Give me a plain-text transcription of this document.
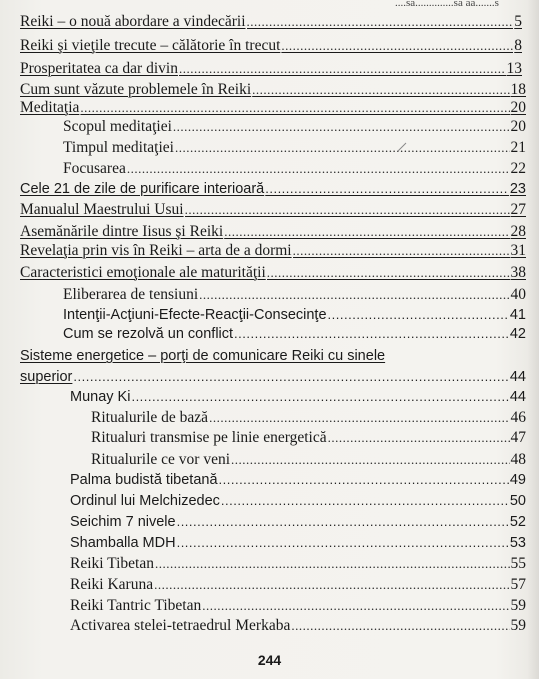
....sa..............sa aa.......s
Reiki – o nouă abordare a vindecării .....	5
Reiki şi vieţile trecute – călătorie în trecut .....	8
Prosperitatea ca dar divin .....	13
Cum sunt văzute problemele în Reiki .....	18
Meditaţia .....	20
Scopul meditaţiei .....	20
Timpul meditaţiei .....	21
Focusarea .....	22
Cele 21 de zile de purificare interioară .....	23
Manualul Maestrului Usui .....	27
Asemănările dintre Iisus şi Reiki .....	28
Revelaţia prin vis în Reiki – arta de a dormi .....	31
Caracteristici emoţionale ale maturităţii .....	38
Eliberarea de tensiuni .....	40
Intenţii-Acţiuni-Efecte-Reacţii-Consecinţe .....	41
Cum se rezolvă un conflict .....	42
Sisteme energetice – porţi de comunicare Reiki cu sinele
superior .....	44
Munay Ki .....	44
Ritualurile de bază .....	46
Ritualuri transmise pe linie energetică .....	47
Ritualurile ce vor veni .....	48
Palma budistă tibetană .....	49
Ordinul lui Melchizedec .....	50
Seichim 7 nivele .....	52
Shamballa MDH .....	53
Reiki Tibetan .....	55
Reiki Karuna .....	57
Reiki Tantric Tibetan .....	59
Activarea stelei-tetraedrul Merkaba .....	59
244
